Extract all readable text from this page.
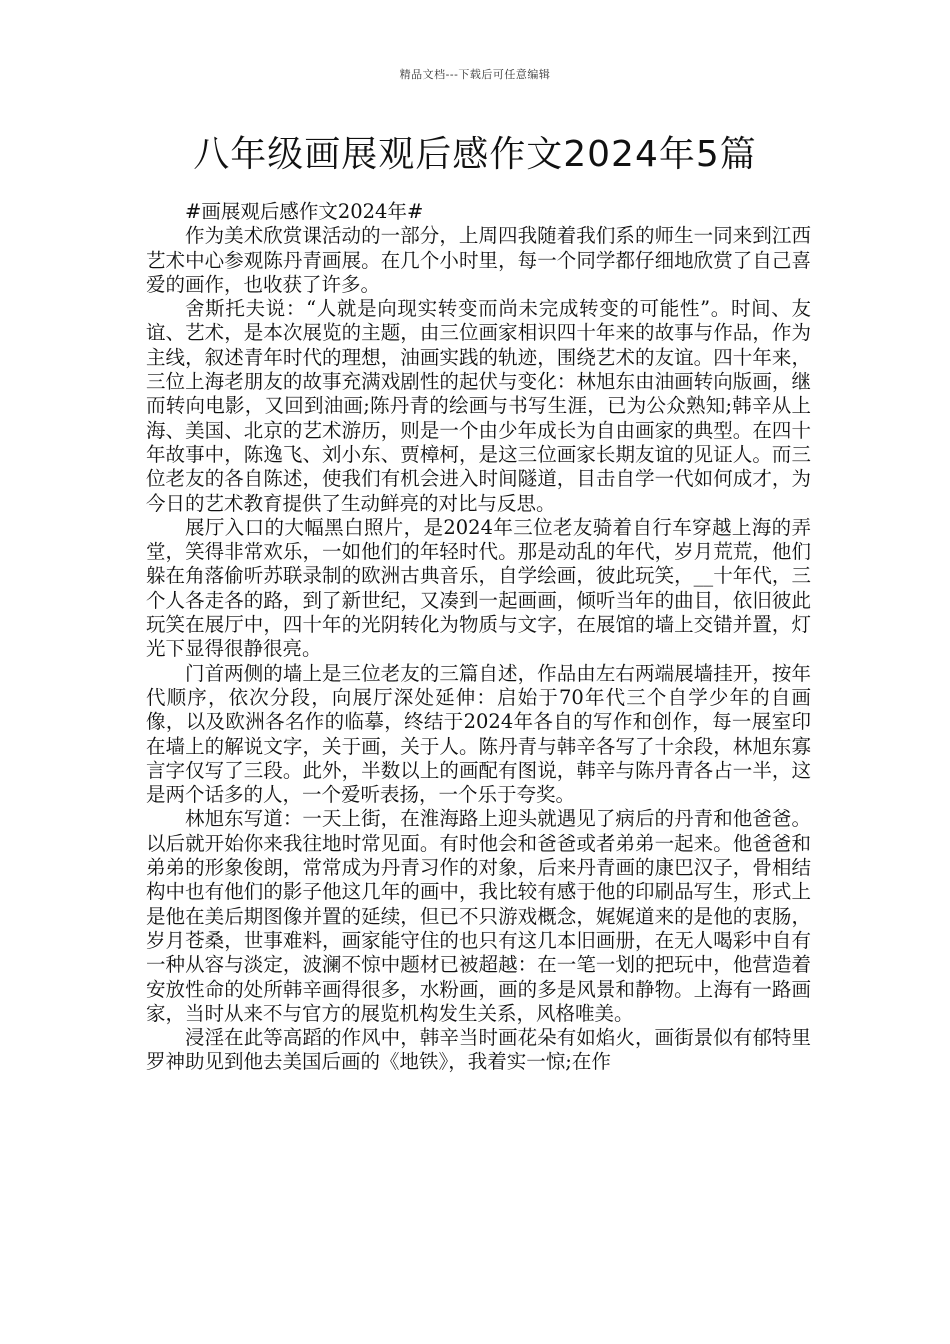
精品文档---下载后可任意编辑
八年级画展观后感作文2024年5篇

#画展观后感作文2024年#

作为美术欣赏课活动的一部分，上周四我随着我们系的师生一同来到江西艺术中心参观陈丹青画展。在几个小时里，每一个同学都仔细地欣赏了自己喜爱的画作，也收获了许多。

舍斯托夫说：“人就是向现实转变而尚未完成转变的可能性”。时间、友谊、艺术，是本次展览的主题，由三位画家相识四十年来的故事与作品，作为主线，叙述青年时代的理想，油画实践的轨迹，围绕艺术的友谊。四十年来，三位上海老朋友的故事充满戏剧性的起伏与变化：林旭东由油画转向版画，继而转向电影，又回到油画;陈丹青的绘画与书写生涯，已为公众熟知;韩辛从上海、美国、北京的艺术游历，则是一个由少年成长为自由画家的典型。在四十年故事中，陈逸飞、刘小东、贾樟柯，是这三位画家长期友谊的见证人。而三位老友的各自陈述，使我们有机会进入时间隧道，目击自学一代如何成才，为今日的艺术教育提供了生动鲜亮的对比与反思。

展厅入口的大幅黑白照片，是2024年三位老友骑着自行车穿越上海的弄堂，笑得非常欢乐，一如他们的年轻时代。那是动乱的年代，岁月荒荒，他们躲在角落偷听苏联录制的欧洲古典音乐，自学绘画，彼此玩笑，__十年代，三个人各走各的路，到了新世纪，又凑到一起画画，倾听当年的曲目，依旧彼此玩笑在展厅中，四十年的光阴转化为物质与文字，在展馆的墙上交错并置，灯光下显得很静很亮。

门首两侧的墙上是三位老友的三篇自述，作品由左右两端展墙挂开，按年代顺序，依次分段，向展厅深处延伸：启始于70年代三个自学少年的自画像，以及欧洲各名作的临摹，终结于2024年各自的写作和创作，每一展室印在墙上的解说文字，关于画，关于人。陈丹青与韩辛各写了十余段，林旭东寡言字仅写了三段。此外，半数以上的画配有图说，韩辛与陈丹青各占一半，这是两个话多的人，一个爱听表扬，一个乐于夸奖。

林旭东写道：一天上街，在淮海路上迎头就遇见了病后的丹青和他爸爸。以后就开始你来我往地时常见面。有时他会和爸爸或者弟弟一起来。他爸爸和弟弟的形象俊朗，常常成为丹青习作的对象，后来丹青画的康巴汉子，骨相结构中也有他们的影子他这几年的画中，我比较有感于他的印刷品写生，形式上是他在美后期图像并置的延续，但已不只游戏概念，娓娓道来的是他的衷肠，岁月苍桑，世事难料，画家能守住的也只有这几本旧画册，在无人喝彩中自有一种从容与淡定，波澜不惊中题材已被超越：在一笔一划的把玩中，他营造着安放性命的处所韩辛画得很多，水粉画，画的多是风景和静物。上海有一路画家，当时从来不与官方的展览机构发生关系，风格唯美。

浸淫在此等高蹈的作风中，韩辛当时画花朵有如焰火，画街景似有郁特里罗神助见到他去美国后画的《地铁》，我着实一惊;在作
